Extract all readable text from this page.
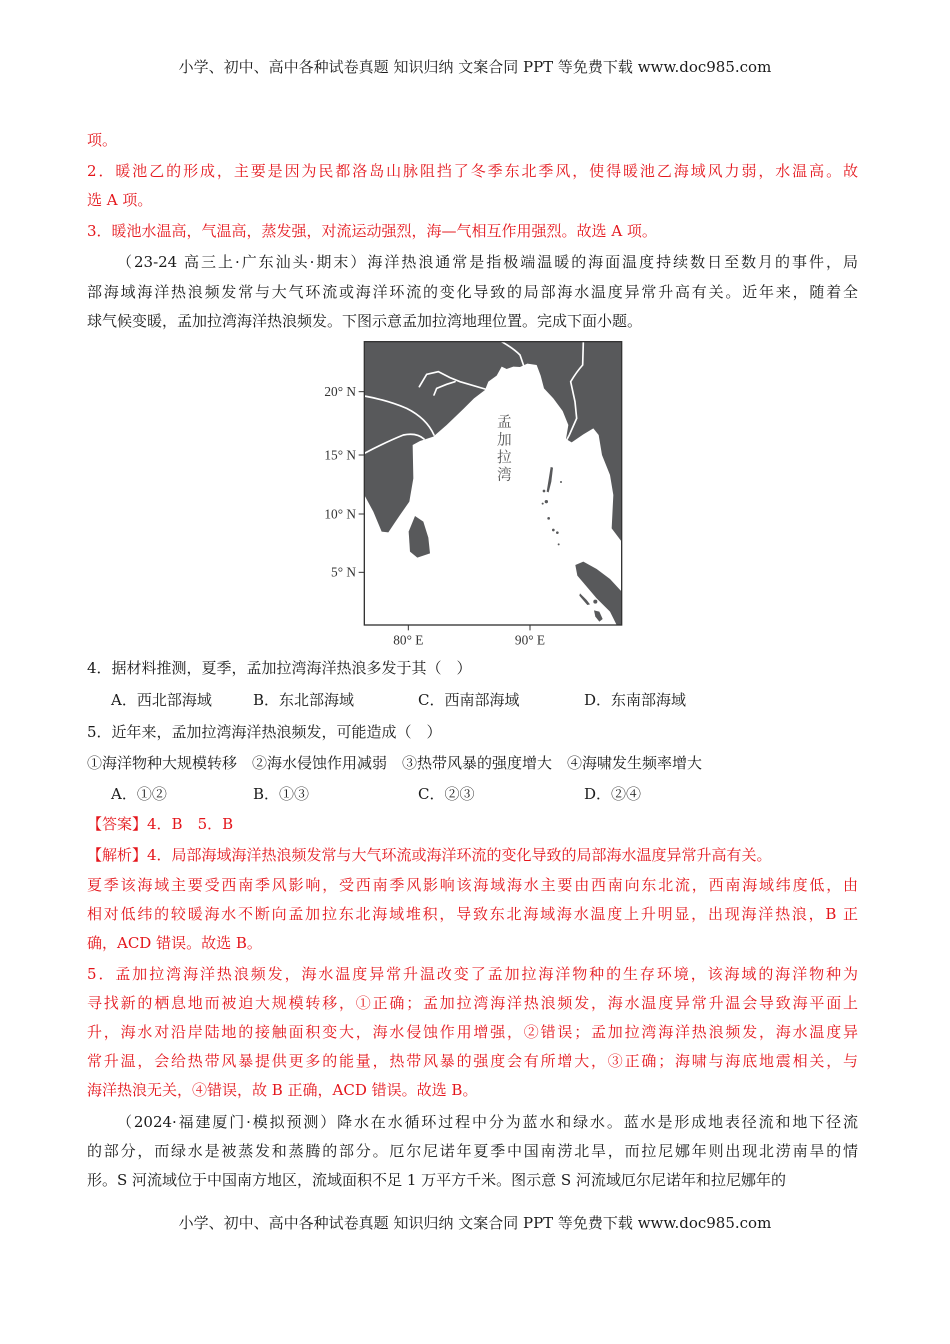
小学、初中、高中各种试卷真题 知识归纳 文案合同 PPT 等免费下载 www.doc985.com
项。
2．暖池乙的形成，主要是因为民都洛岛山脉阻挡了冬季东北季风，使得暖池乙海域风力弱，水温高。故
选 A 项。
3．暖池水温高，气温高，蒸发强，对流运动强烈，海—气相互作用强烈。故选 A 项。
（23-24 高三上·广东汕头·期末）海洋热浪通常是指极端温暖的海面温度持续数日至数月的事件，局
部海域海洋热浪频发常与大气环流或海洋环流的变化导致的局部海水温度异常升高有关。近年来，随着全
球气候变暖，孟加拉湾海洋热浪频发。下图示意孟加拉湾地理位置。完成下面小题。
20° N
15° N
10° N
5° N
80° E 90° E
孟
加
拉
湾
4．据材料推测，夏季，孟加拉湾海洋热浪多发于其（　）
A．西北部海域	B．东北部海域	C．西南部海域	D．东南部海域
5．近年来，孟加拉湾海洋热浪频发，可能造成（　）
①海洋物种大规模转移　②海水侵蚀作用减弱　③热带风暴的强度增大　④海啸发生频率增大
A．①②	B．①③	C．②③	D．②④
【答案】4．B　5．B
【解析】4．局部海域海洋热浪频发常与大气环流或海洋环流的变化导致的局部海水温度异常升高有关。
夏季该海域主要受西南季风影响，受西南季风影响该海域海水主要由西南向东北流，西南海域纬度低，由
相对低纬的较暖海水不断向孟加拉东北海域堆积，导致东北海域海水温度上升明显，出现海洋热浪，B 正
确，ACD 错误。故选 B。
5．孟加拉湾海洋热浪频发，海水温度异常升温改变了孟加拉海洋物种的生存环境，该海域的海洋物种为
寻找新的栖息地而被迫大规模转移，①正确；孟加拉湾海洋热浪频发，海水温度异常升温会导致海平面上
升，海水对沿岸陆地的接触面积变大，海水侵蚀作用增强，②错误；孟加拉湾海洋热浪频发，海水温度异
常升温，会给热带风暴提供更多的能量，热带风暴的强度会有所增大，③正确；海啸与海底地震相关，与
海洋热浪无关，④错误，故 B 正确，ACD 错误。故选 B。
（2024·福建厦门·模拟预测）降水在水循环过程中分为蓝水和绿水。蓝水是形成地表径流和地下径流
的部分，而绿水是被蒸发和蒸腾的部分。厄尔尼诺年夏季中国南涝北旱，而拉尼娜年则出现北涝南旱的情
形。S 河流域位于中国南方地区，流域面积不足 1 万平方千米。图示意 S 河流域厄尔尼诺年和拉尼娜年的
小学、初中、高中各种试卷真题 知识归纳 文案合同 PPT 等免费下载 www.doc985.com
